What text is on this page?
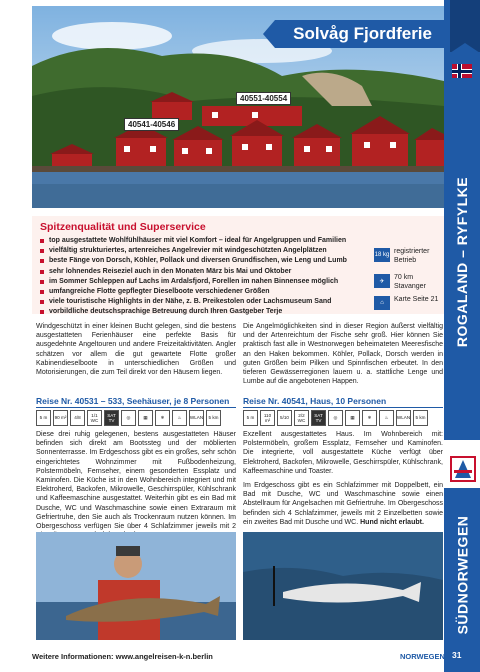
ROGALAND – RYFYLKE
SÜDNORWEGEN
Solvåg Fjordferie
40541-40546
40551-40554
Spitzenqualität und Superservice
top ausgestattete Wohlfühlhäuser mit viel Komfort – ideal für Angelgruppen und Familien
vielfältig strukturiertes, artenreiches Angelrevier mit windgeschützten Angelplätzen
beste Fänge von Dorsch, Köhler, Pollack und diversen Grundfischen, wie Leng und Lumb
sehr lohnendes Reiseziel auch in den Monaten März bis Mai und Oktober
im Sommer Schleppen auf Lachs im Ardalsfjord, Forellen im nahen Binnensee möglich
umfangreiche Flotte gepflegter Dieselboote verschiedener Größen
viele touristische Highlights in der Nähe, z. B. Preikestolen oder Lachsmuseum Sand
vorbildliche deutschsprachige Betreuung durch Ihren Gastgeber Terje
18 kg registrierter Betrieb
✈
70 km Stavanger
⌂	Karte Seite 21
Windgeschützt in einer kleinen Bucht gelegen, sind die bestens ausgestatteten Ferienhäuser eine perfekte Basis für ausgedehnte Angeltouren und andere Freizeitaktivitäten. Angler schätzen vor allem die gut gewartete Flotte großer Kabinendieselboote in unterschiedlichen Größen und Motorisierungen, die zum Teil direkt vor den Häusern liegen.
Die Angelmöglichkeiten sind in dieser Region äußerst vielfältig und der Artenreichtum der Fische sehr groß. Hier können Sie praktisch fast alle in Westnorwegen beheimateten Meeresfische an den Haken bekommen. Köhler, Pollack, Dorsch werden in guten Größen beim Pilken und Spinnfischen erbeutet. In den tieferen Gewässerregionen lauern u. a. stattliche Lenge und Lumbe auf die angebotenen Happen.
Reise Nr. 40531 – 533, Seehäuser, je 8 Personen
5 m	90 m²	4/8
1/1 WC
SAT TV
◎	▦	❄	♨	WLAN	5 km
Diese drei ruhig gelegenen, bestens ausgestatteten Häuser befinden sich direkt am Bootssteg und der möblierten Sonnenterrasse. Im Erdgeschoss gibt es ein großes, sehr schön eingerichtetes Wohnzimmer mit Fußbodenheizung, Polstermöbeln, Fernseher, einem gesonderten Essplatz und Kaminofen. Die Küche ist in den Wohnbereich integriert und mit Elektroherd, Backofen, Mikrowelle, Geschirrspüler, Kühlschrank und Kaffeemaschine ausgestattet. Weiterhin gibt es ein Bad mit Dusche, WC und Waschmaschine sowie einen Extraraum mit Gefriertruhe, den Sie auch als Trockenraum nutzen können. Im Obergeschoss verfügen Sie über 4 Schlafzimmer jeweils mit 2
Reise Nr. 40541, Haus, 10 Personen
5 m
110 m²
5/10
2/2 WC
SAT TV
◎	▦	❄	♨	WLAN	5 km
Exzellent ausgestattetes Haus. Im Wohnbereich mit: Polstermöbeln, großem Essplatz, Fernseher und Kaminofen. Die integrierte, voll ausgestattete Küche verfügt über Elektroherd, Backofen, Mikrowelle, Geschirrspüler, Kühlschrank, Kaffeemaschine und Toaster.
Im Erdgeschoss gibt es ein Schlafzimmer mit Doppelbett, ein Bad mit Dusche, WC und Waschmaschine sowie einen Abstellraum für Angelsachen mit Gefriertruhe. Im Obergeschoss befinden sich 4 Schlafzimmer, jeweils mit 2 Einzelbetten sowie ein zweites Bad mit Dusche und WC. Hund nicht erlaubt.
Weitere Informationen: www.angelreisen-k-n.berlin	NORWEGEN 31
